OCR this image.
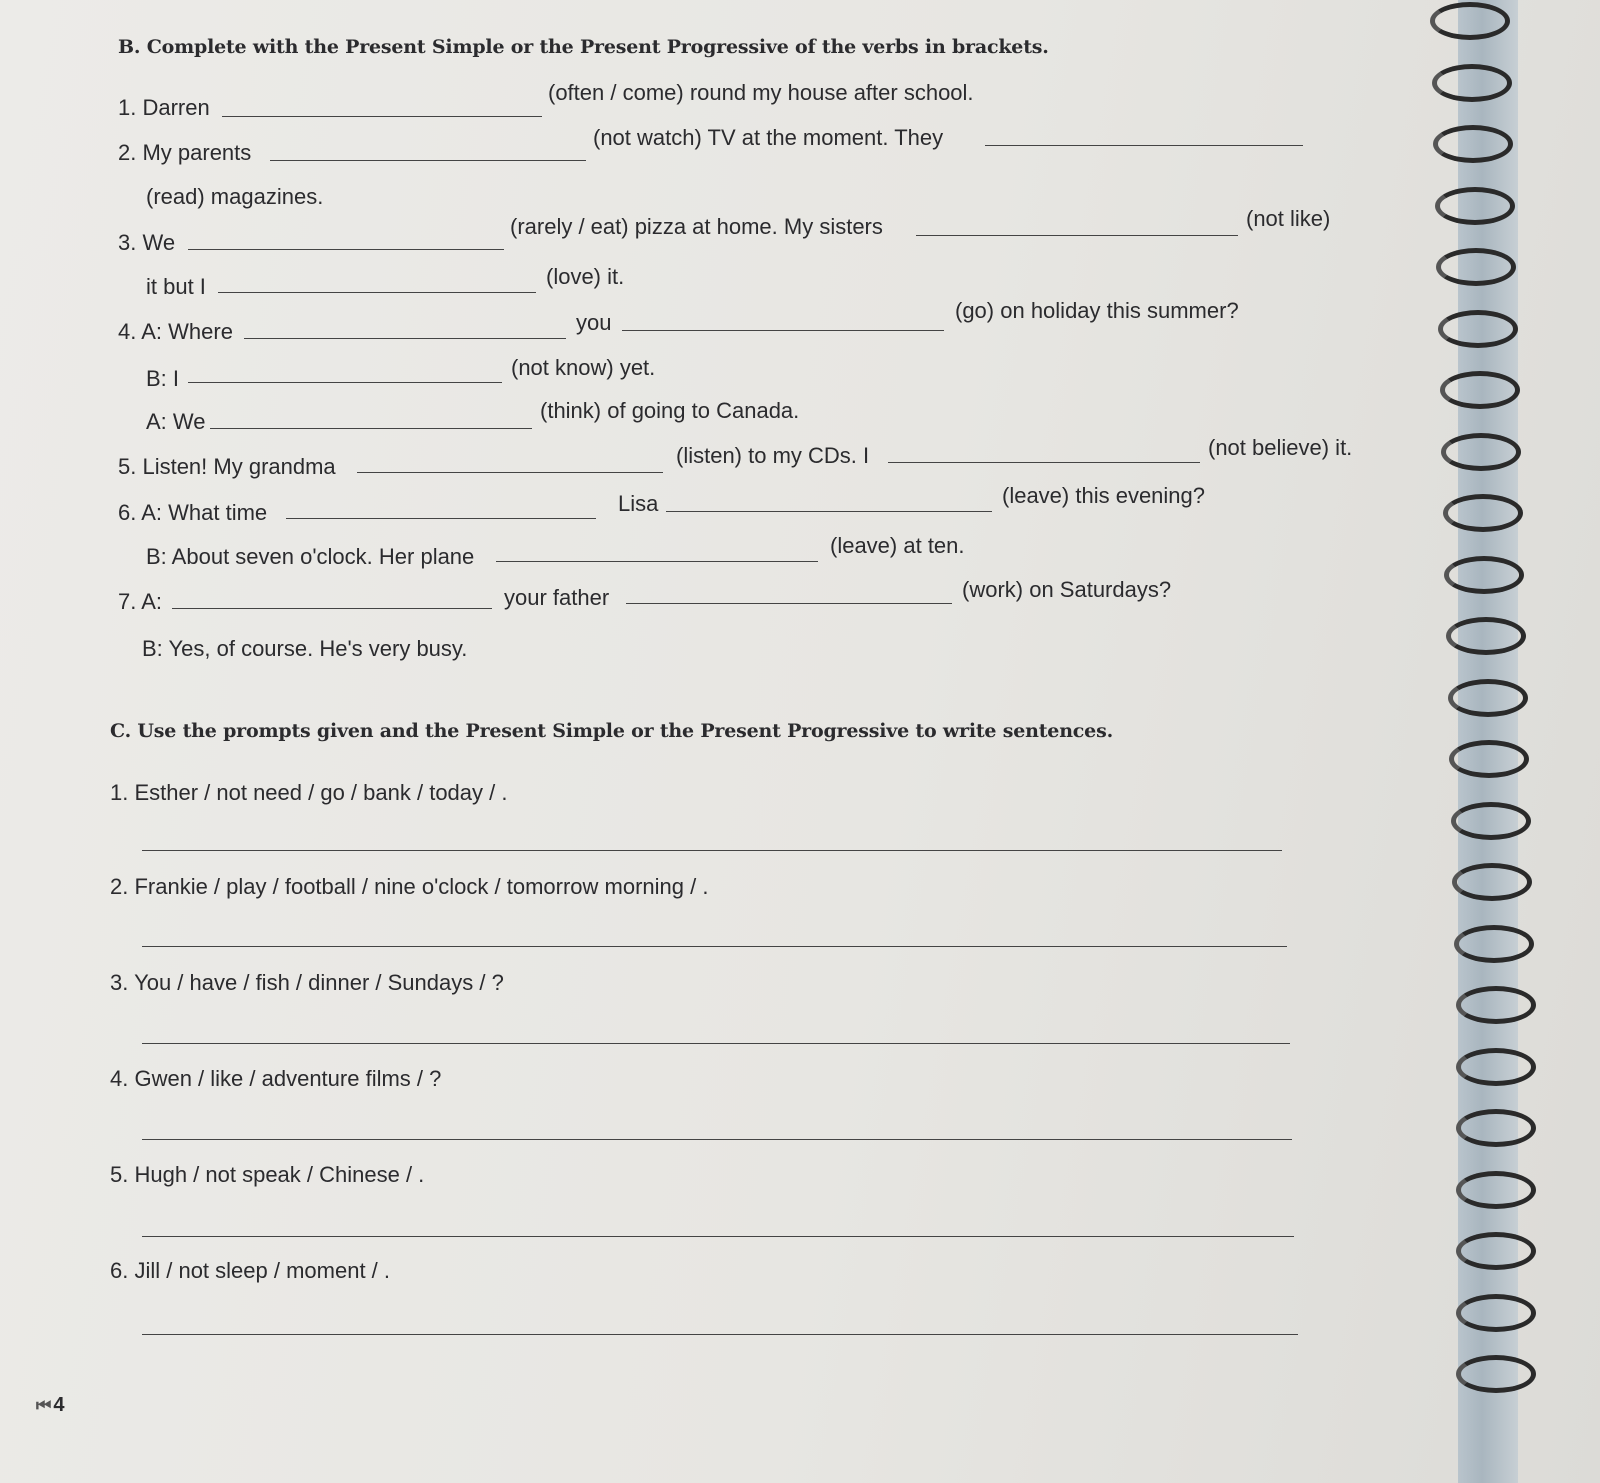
B. Complete with the Present Simple or the Present Progressive of the verbs in brackets.
1. Darren
(often / come) round my house after school.
2. My parents
(not watch) TV at the moment. They
(read) magazines.
3. We
(rarely / eat) pizza at home. My sisters	(not like)
it but I	(love) it.
4. A: Where	you	(go) on holiday this summer?
B: I	(not know) yet.
A: We	(think) of going to Canada.
5. Listen! My grandma	(listen) to my CDs. I	(not believe) it.
6. A: What time	Lisa	(leave) this evening?
B: About seven o'clock. Her plane	(leave) at ten.
7. A:	your father	(work) on Saturdays?
B: Yes, of course. He's very busy.
C. Use the prompts given and the Present Simple or the Present Progressive to write sentences.
1. Esther / not need / go / bank / today / .
2. Frankie / play / football / nine o'clock / tomorrow morning / .
3. You / have / fish / dinner / Sundays / ?
4. Gwen / like / adventure films / ?
5. Hugh / not speak / Chinese / .
6. Jill / not sleep / moment / .
⏮ 4
